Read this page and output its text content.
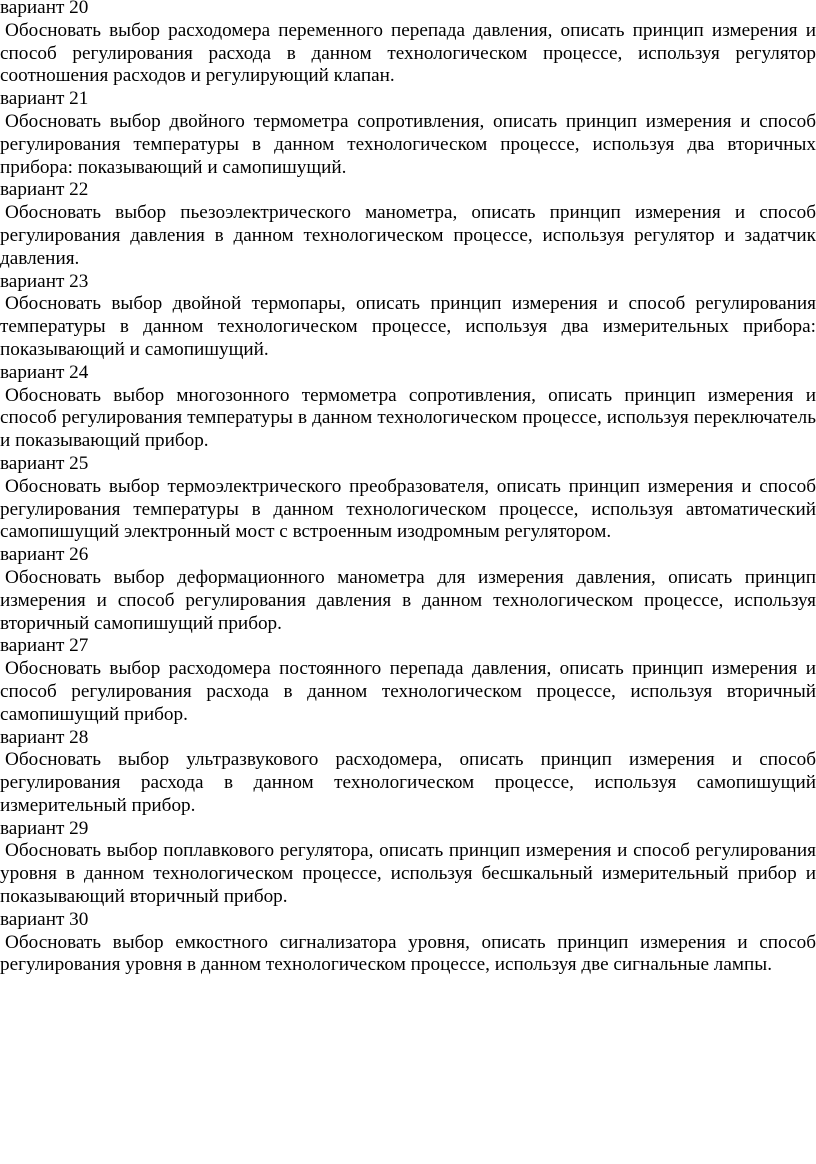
вариант 20
Обосновать выбор расходомера переменного перепада давления, описать принцип измерения и способ регулирования расхода в данном технологическом процессе, используя регулятор соотношения расходов и регулирующий клапан.
вариант 21
Обосновать выбор двойного термометра сопротивления, описать принцип измерения и способ регулирования температуры в данном технологическом процессе, используя два вторичных прибора: показывающий и самопишущий.
вариант 22
Обосновать выбор пьезоэлектрического манометра, описать принцип измерения и способ регулирования давления в данном технологическом процессе, используя регулятор и задатчик давления.
вариант 23
Обосновать выбор двойной термопары, описать принцип измерения и способ регулирования температуры в данном технологическом процессе, используя два измерительных прибора: показывающий и самопишущий.
вариант 24
Обосновать выбор многозонного термометра сопротивления, описать принцип измерения и способ регулирования температуры в данном технологическом процессе, используя переключатель и показывающий прибор.
вариант 25
Обосновать выбор термоэлектрического преобразователя, описать принцип измерения и способ регулирования температуры в данном технологическом процессе, используя автоматический самопишущий электронный мост с встроенным изодромным регулятором.
вариант 26
Обосновать выбор деформационного манометра для измерения давления, описать принцип измерения и способ регулирования давления в данном технологическом процессе, используя вторичный самопишущий прибор.
вариант 27
Обосновать выбор расходомера постоянного перепада давления, описать принцип измерения и способ регулирования расхода в данном технологическом процессе, используя вторичный самопишущий прибор.
вариант 28
Обосновать выбор ультразвукового расходомера, описать принцип измерения и способ регулирования расхода в данном технологическом процессе, используя самопишущий измерительный прибор.
вариант 29
Обосновать выбор поплавкового регулятора, описать принцип измерения и способ регулирования уровня в данном технологическом процессе, используя бесшкальный измерительный прибор и показывающий вторичный прибор.
вариант 30
Обосновать выбор емкостного сигнализатора уровня, описать принцип измерения и способ регулирования уровня в данном технологическом процессе, используя две сигнальные лампы.
